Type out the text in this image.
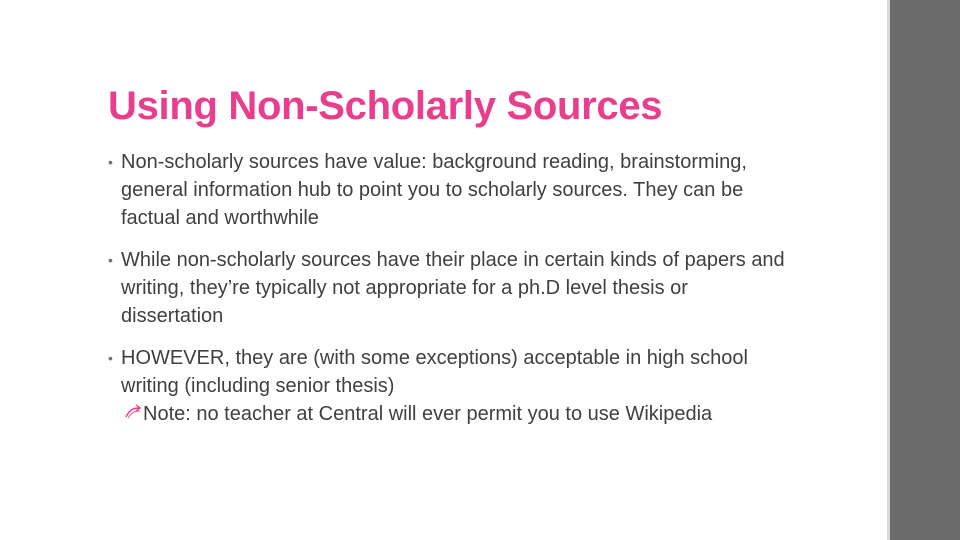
Using Non-Scholarly Sources
• Non-scholarly sources have value: background reading, brainstorming, general information hub to point you to scholarly sources. They can be factual and worthwhile
• While non-scholarly sources have their place in certain kinds of papers and writing, they’re typically not appropriate for a ph.D level thesis or dissertation
• HOWEVER, they are (with some exceptions) acceptable in high school writing (including senior thesis)
Note: no teacher at Central will ever permit you to use Wikipedia
